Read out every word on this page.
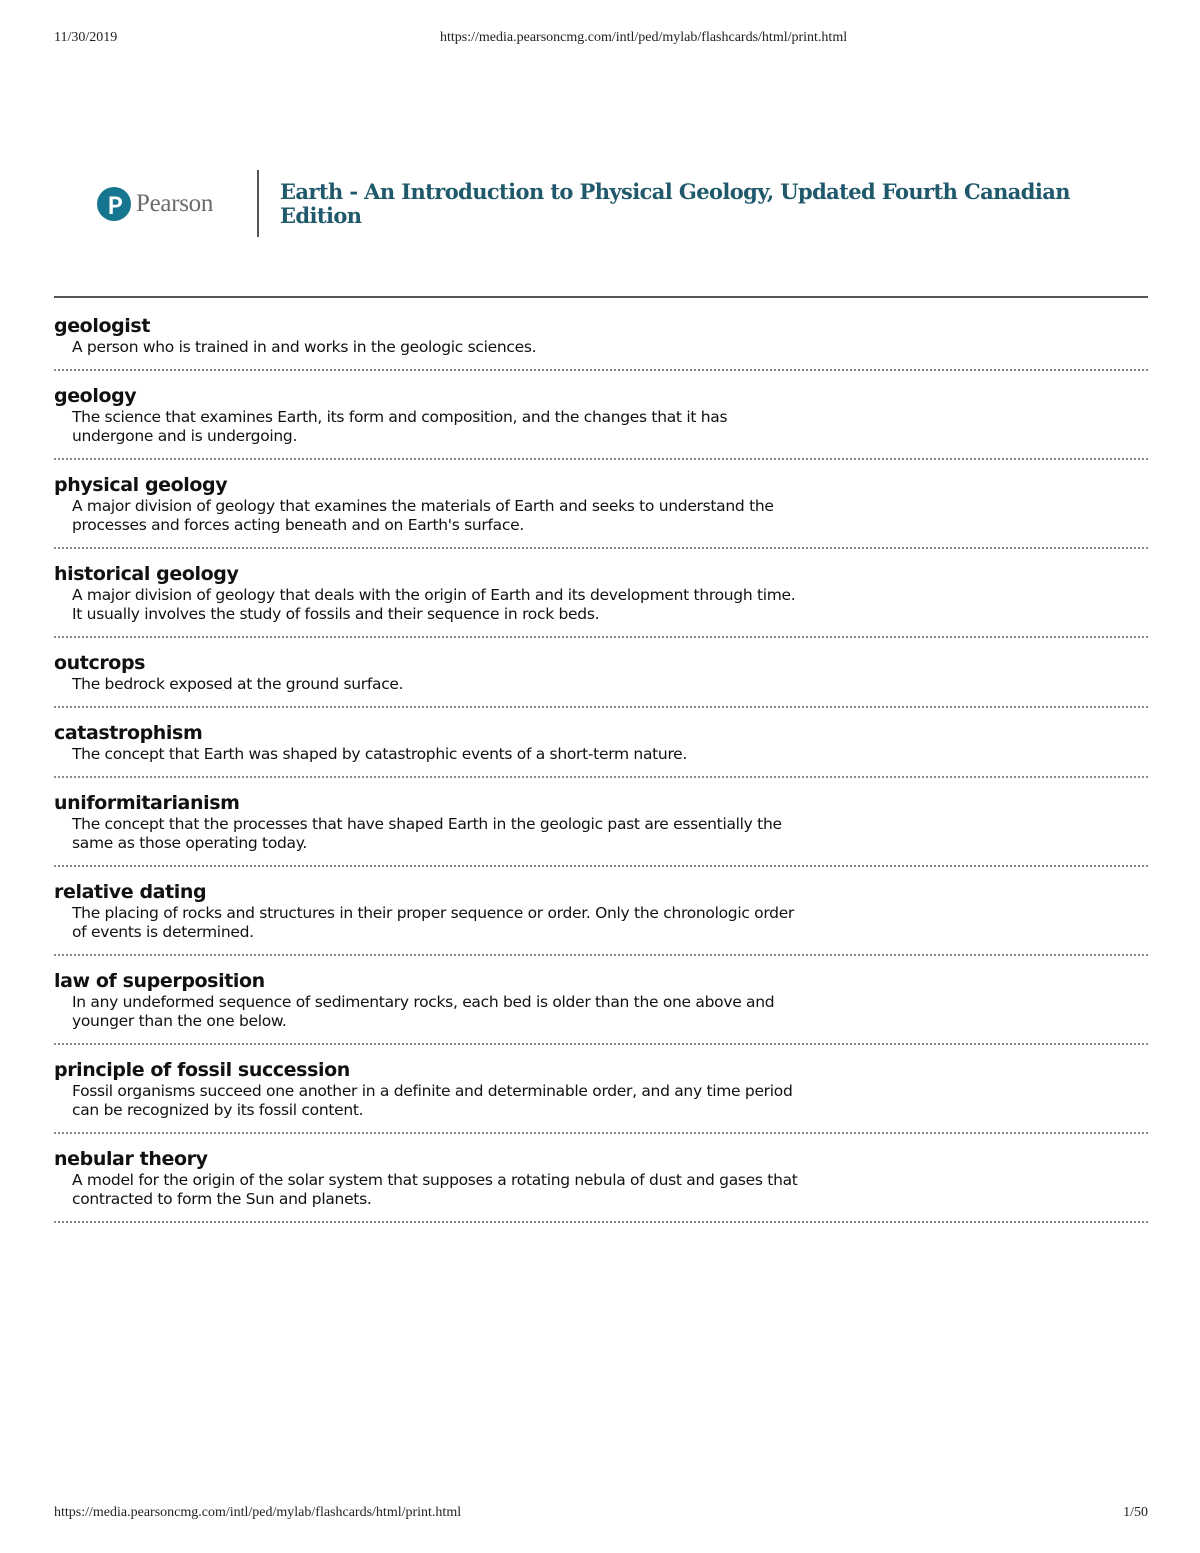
11/30/2019	https://media.pearsoncmg.com/intl/ped/mylab/flashcards/html/print.html
Pearson	Earth - An Introduction to Physical Geology, Updated Fourth Canadian Edition
geologist
A person who is trained in and works in the geologic sciences.
geology
The science that examines Earth, its form and composition, and the changes that it has undergone and is undergoing.
physical geology
A major division of geology that examines the materials of Earth and seeks to understand the processes and forces acting beneath and on Earth's surface.
historical geology
A major division of geology that deals with the origin of Earth and its development through time. It usually involves the study of fossils and their sequence in rock beds.
outcrops
The bedrock exposed at the ground surface.
catastrophism
The concept that Earth was shaped by catastrophic events of a short-term nature.
uniformitarianism
The concept that the processes that have shaped Earth in the geologic past are essentially the same as those operating today.
relative dating
The placing of rocks and structures in their proper sequence or order. Only the chronologic order of events is determined.
law of superposition
In any undeformed sequence of sedimentary rocks, each bed is older than the one above and younger than the one below.
principle of fossil succession
Fossil organisms succeed one another in a definite and determinable order, and any time period can be recognized by its fossil content.
nebular theory
A model for the origin of the solar system that supposes a rotating nebula of dust and gases that contracted to form the Sun and planets.
https://media.pearsoncmg.com/intl/ped/mylab/flashcards/html/print.html	1/50
